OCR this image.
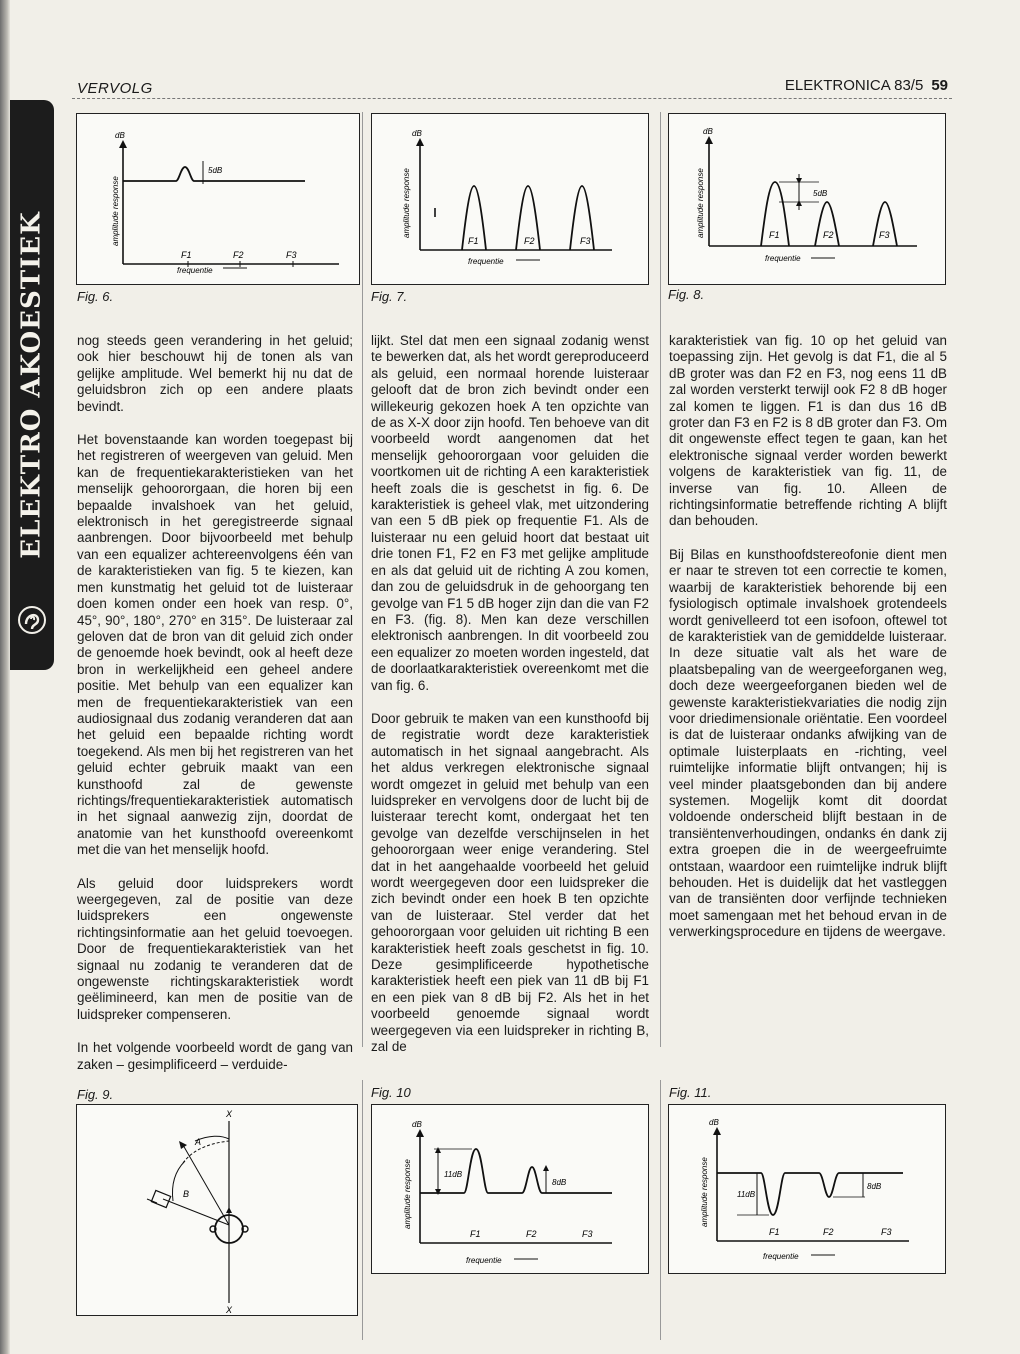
ELEKTRO AKOESTIEK
VERVOLG	ELEKTRONICA 83/5 59
dB
amplitude response
5dB
F1	F2	F3
frequentie
Fig. 6.
dB
amplitude response
F1	F2	F3
frequentie
Fig. 7.
dB
amplitude response	5dB
F1	F2	F3
frequentie
Fig. 8.

nog steeds geen verandering in het geluid; ook hier beschouwt hij de tonen als van gelijke amplitude. Wel bemerkt hij nu dat de geluidsbron zich op een andere plaats bevindt.

Het bovenstaande kan worden toegepast bij het registreren of weergeven van geluid. Men kan de frequentiekarakteristieken van het menselijk gehoororgaan, die horen bij een bepaalde invalshoek van het geluid, elektronisch in het geregistreerde signaal aanbrengen. Door bijvoorbeeld met behulp van een equalizer achtereenvolgens één van de karakteristieken van fig. 5 te kiezen, kan men kunstmatig het geluid tot de luisteraar doen komen onder een hoek van resp. 0°, 45°, 90°, 180°, 270° en 315°. De luisteraar zal geloven dat de bron van dit geluid zich onder de genoemde hoek bevindt, ook al heeft deze bron in werkelijkheid een geheel andere positie. Met behulp van een equalizer kan men de frequentiekarakteristiek van een audiosignaal dus zodanig veranderen dat aan het geluid een bepaalde richting wordt toegekend. Als men bij het registreren van het geluid echter gebruik maakt van een kunsthoofd zal de gewenste richtings/frequentiekarakteristiek automatisch in het signaal aanwezig zijn, doordat de anatomie van het kunsthoofd overeenkomt met die van het menselijk hoofd.

Als geluid door luidsprekers wordt weergegeven, zal de positie van deze luidsprekers een ongewenste richtingsinformatie aan het geluid toevoegen. Door de frequentiekarakteristiek van het signaal nu zodanig te veranderen dat de ongewenste richtingskarakteristiek wordt geëlimineerd, kan men de positie van de luidspreker compenseren.

In het volgende voorbeeld wordt de gang van zaken – gesimplificeerd – verduide-

lijkt. Stel dat men een signaal zodanig wenst te bewerken dat, als het wordt gereproduceerd als geluid, een normaal horende luisteraar gelooft dat de bron zich bevindt onder een willekeurig gekozen hoek A ten opzichte van de as X-X door zijn hoofd. Ten behoeve van dit voorbeeld wordt aangenomen dat het menselijk gehoororgaan voor geluiden die voortkomen uit de richting A een karakteristiek heeft zoals die is geschetst in fig. 6. De karakteristiek is geheel vlak, met uitzondering van een 5 dB piek op frequentie F1. Als de luisteraar nu een geluid hoort dat bestaat uit drie tonen F1, F2 en F3 met gelijke amplitude en als dat geluid uit de richting A zou komen, dan zou de geluidsdruk in de gehoorgang ten gevolge van F1 5 dB hoger zijn dan die van F2 en F3. (fig. 8). Men kan deze verschillen elektronisch aanbrengen. In dit voorbeeld zou een equalizer zo moeten worden ingesteld, dat de doorlaatkarakteristiek overeenkomt met die van fig. 6.

Door gebruik te maken van een kunsthoofd bij de registratie wordt deze karakteristiek automatisch in het signaal aangebracht. Als het aldus verkregen elektronische signaal wordt omgezet in geluid met behulp van een luidspreker en vervolgens door de lucht bij de luisteraar terecht komt, ondergaat het ten gevolge van dezelfde verschijnselen in het gehoororgaan weer enige verandering. Stel dat in het aangehaalde voorbeeld het geluid wordt weergegeven door een luidspreker die zich bevindt onder een hoek B ten opzichte van de luisteraar. Stel verder dat het gehoororgaan voor geluiden uit richting B een karakteristiek heeft zoals geschetst in fig. 10. Deze gesimplificeerde hypothetische karakteristiek heeft een piek van 11 dB bij F1 en een piek van 8 dB bij F2. Als het in het voorbeeld genoemde signaal wordt weergegeven via een luidspreker in richting B, zal de

karakteristiek van fig. 10 op het geluid van toepassing zijn. Het gevolg is dat F1, die al 5 dB groter was dan F2 en F3, nog eens 11 dB zal worden versterkt terwijl ook F2 8 dB hoger zal komen te liggen. F1 is dan dus 16 dB groter dan F3 en F2 is 8 dB groter dan F3. Om dit ongewenste effect tegen te gaan, kan het elektronische signaal verder worden bewerkt volgens de karakteristiek van fig. 11, de inverse van fig. 10. Alleen de richtingsinformatie betreffende richting A blijft dan behouden.

Bij Bilas en kunsthoofdstereofonie dient men er naar te streven tot een correctie te komen, waarbij de karakteristiek behorende bij een fysiologisch optimale invalshoek grotendeels wordt genivelleerd tot een isofoon, oftewel tot de karakteristiek van de gemiddelde luisteraar. In deze situatie valt als het ware de plaatsbepaling van de weergeeforganen weg, doch deze weergeeforganen bieden wel de gewenste karakteristiekvariaties die nodig zijn voor driedimensionale oriëntatie. Een voordeel is dat de luisteraar ondanks afwijking van de optimale luisterplaats en -richting, veel ruimtelijke informatie blijft ontvangen; hij is veel minder plaatsgebonden dan bij andere systemen. Mogelijk komt dit doordat voldoende onderscheid blijft bestaan in de transiëntenverhoudingen, ondanks én dank zij extra groepen die in de weergeefruimte ontstaan, waardoor een ruimtelijke indruk blijft behouden. Het is duidelijk dat het vastleggen van de transiënten door verfijnde technieken moet samengaan met het behoud ervan in de verwerkingsprocedure en tijdens de weergave.

Fig. 9.
X
X
A
B
Fig. 10
dB
amplitude response	11dB
8dB
F1	F2	F3
frequentie
Fig. 11.
dB
amplitude response	11dB
8dB
F1	F2	F3
frequentie
